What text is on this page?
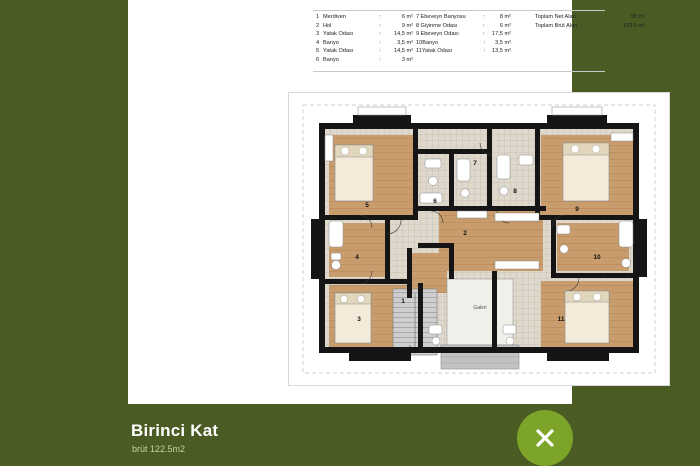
1 Merdiven	:	6 m²
2 Hol	:	9 m²
3 Yatak Odası	:	14,5 m²
4 Banyo	:	3,5 m²
5 Yatak Odası	:	14,5 m²
6 Banyo	:	3 m²
7 Ebeveyn Banyosu	:	8 m²
8 Giyinme Odası	:	6 m²
9 Ebeveyn Odası	:	17,5 m²
10 Banyo	:	3,5 m²
11 Yatak Odası	:	13,5 m²
Toplam Net Alan	:	99 m²
Toplam Brüt Alan	:	122.5 m²
Galeri
1
2
3
4
5
6
7
8
9
10
11
Birinci Kat
brüt 122.5m2
